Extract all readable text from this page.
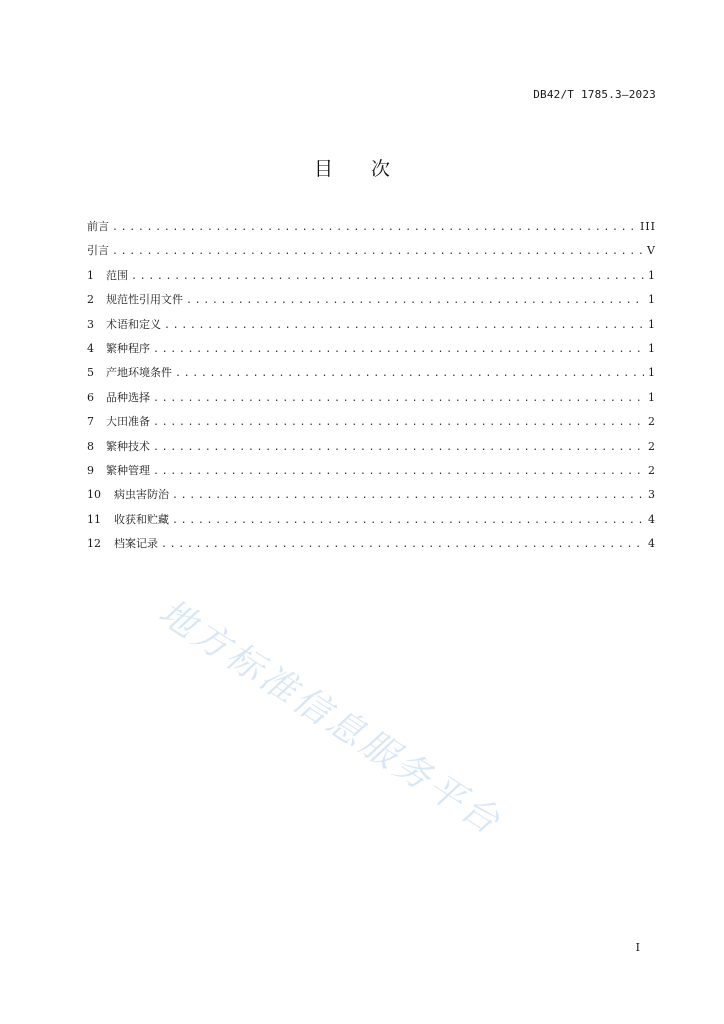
DB42/T 1785.3—2023
目次
前言 .....	III
引言 .....	V
1	范围 .....	1
2	规范性引用文件 .....	1
3	术语和定义 .....	1
4	繁种程序 .....	1
5	产地环境条件 .....	1
6	品种选择 .....	1
7	大田准备 .....	2
8	繁种技术 .....	2
9	繁种管理 .....	2
10	病虫害防治 .....	3
11	收获和贮藏 .....	4
12	档案记录 .....	4
地方标准信息服务平台
I
